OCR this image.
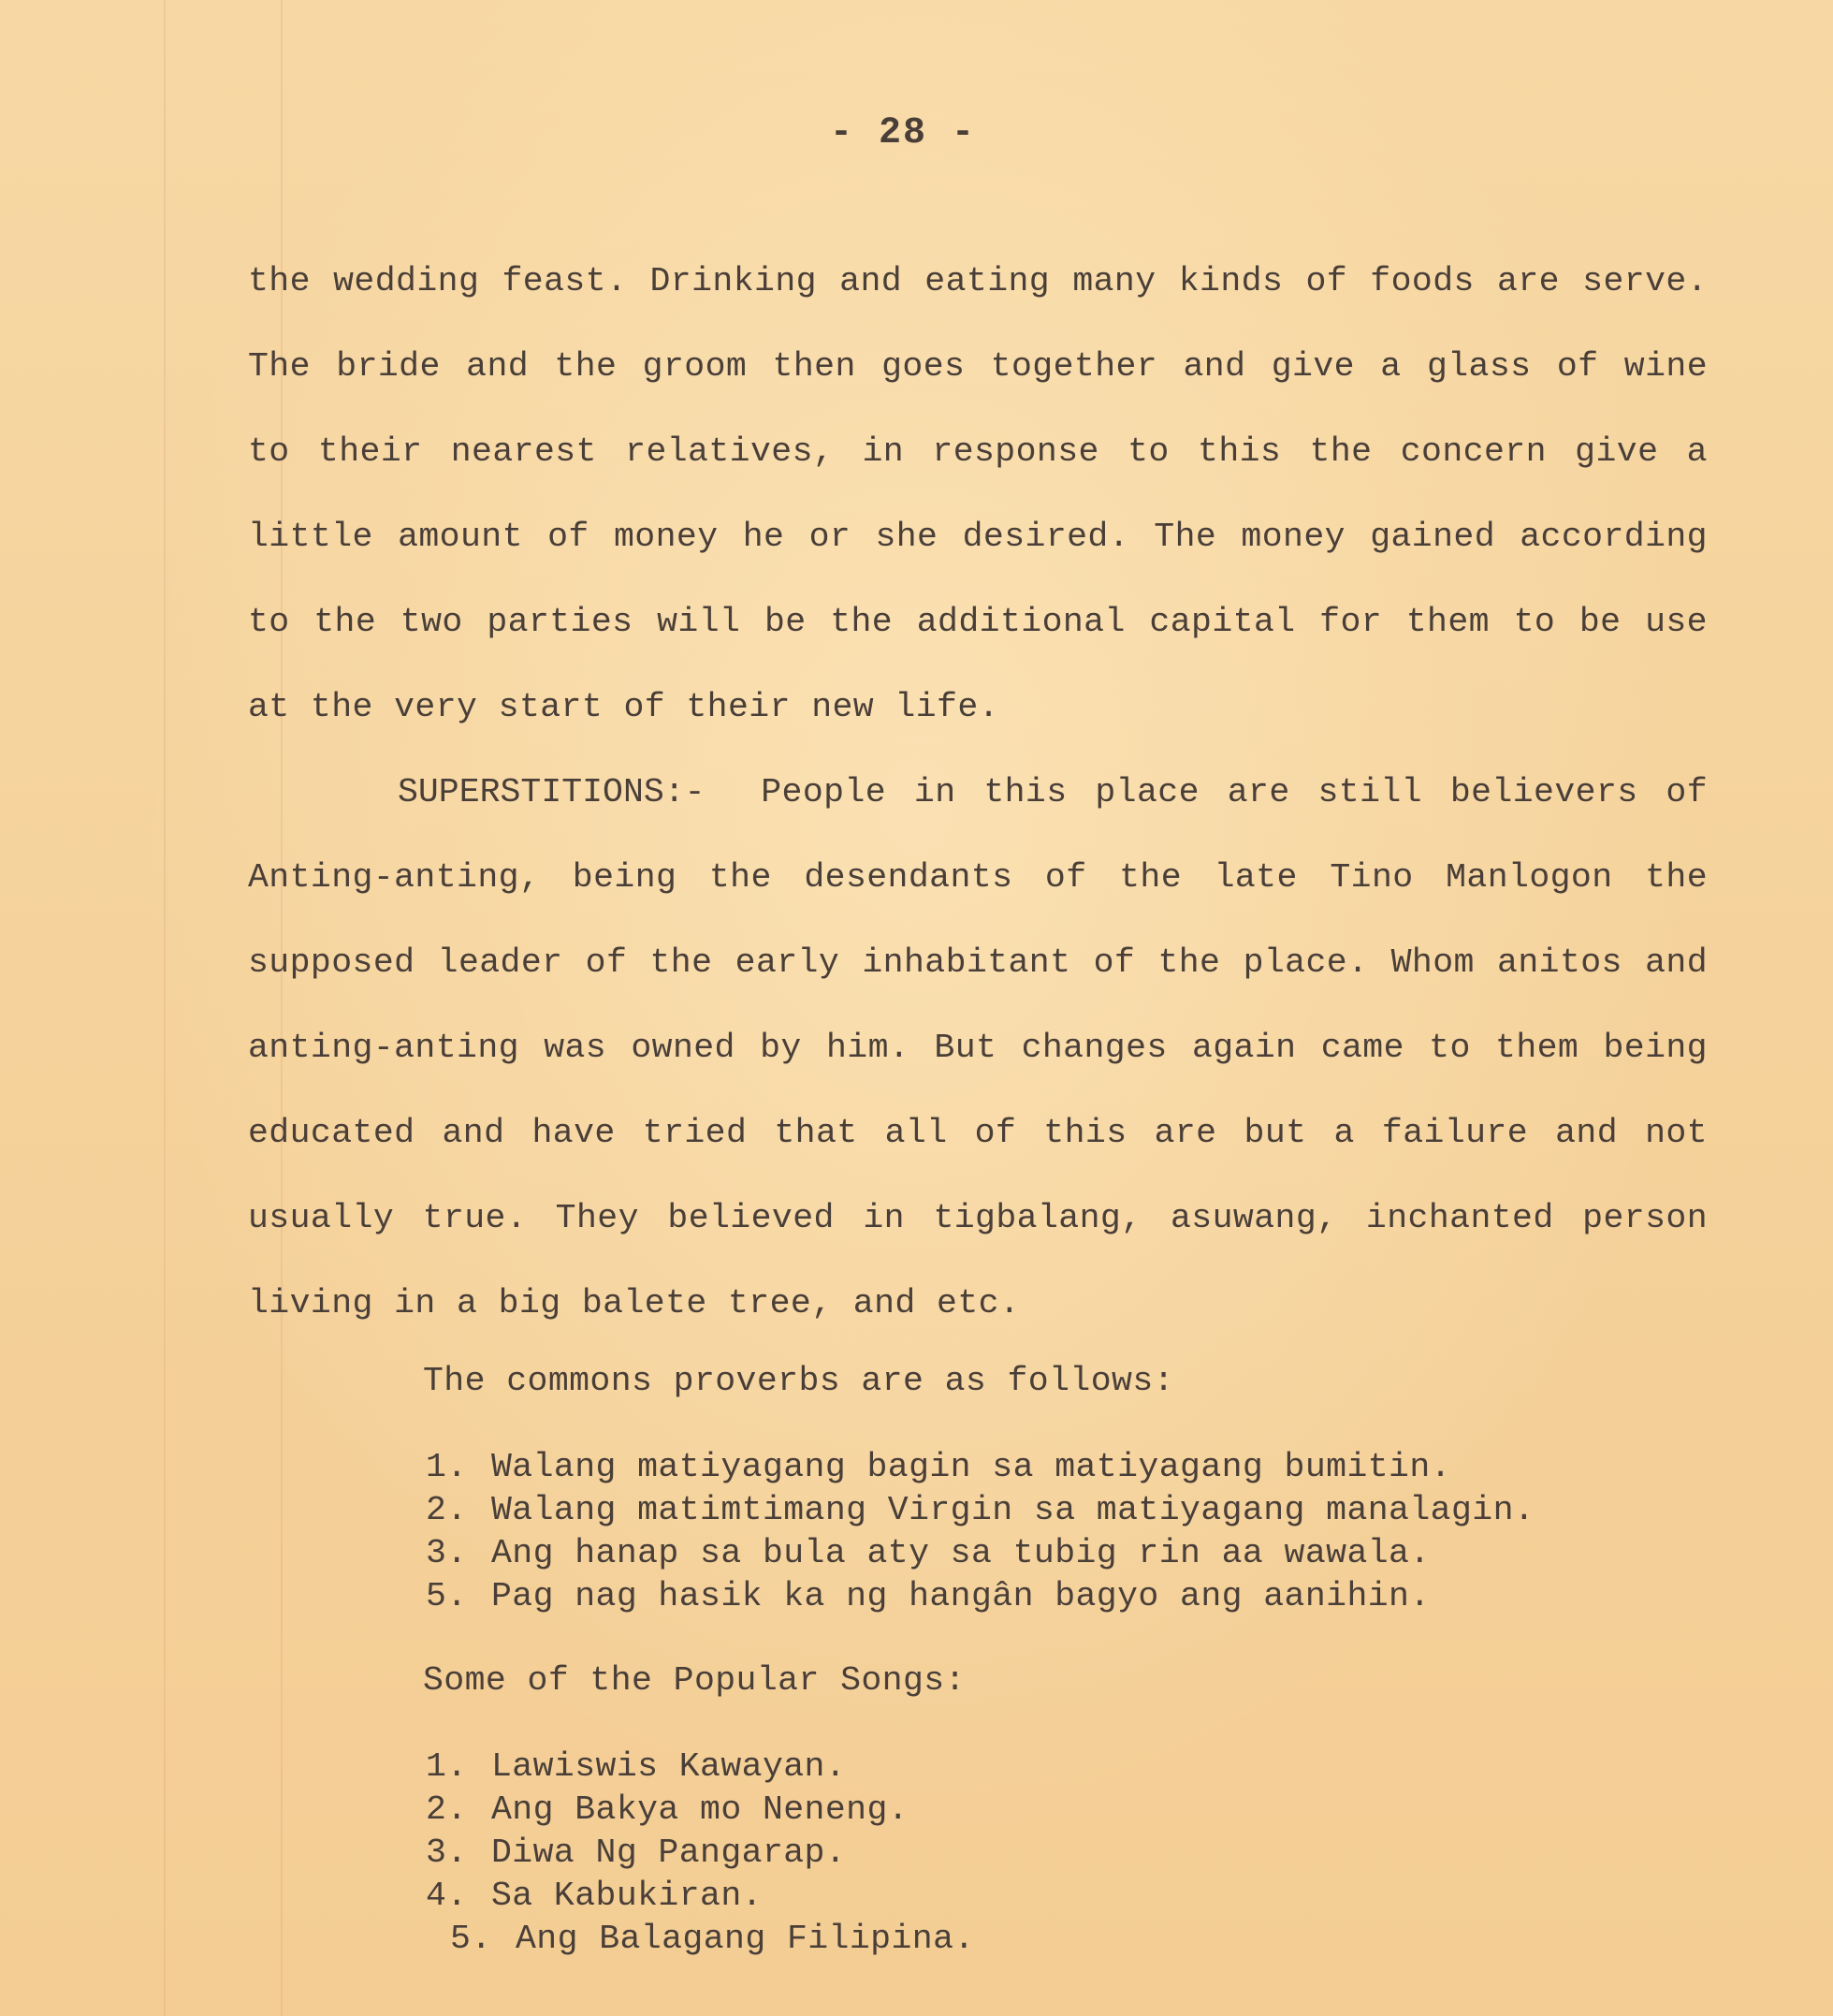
- 28 -

the wedding feast. Drinking and eating many kinds of foods are serve. The bride and the groom then goes together and give a glass of wine to their nearest relatives, in response to this the concern give a little amount of money he or she desired. The money gained according to the two parties will be the additional capital for them to be use at the very start of their new life.

SUPERSTITIONS:- People in this place are still believers of Anting-anting, being the desendants of the late Tino Manlogon the supposed leader of the early inhabitant of the place. Whom anitos and anting-anting was owned by him. But changes again came to them being educated and have tried that all of this are but a failure and not usually true. They believed in tigbalang, asuwang, inchanted person living in a big balete tree, and etc.

The commons proverbs are as follows:
1. Walang matiyagang bagin sa matiyagang bumitin.
2. Walang matimtimang Virgin sa matiyagang manalagin.
3. Ang hanap sa bula aty sa tubig rin aa wawala.
5. Pag nag hasik ka ng hangân bagyo ang aanihin.
Some of the Popular Songs:
1. Lawiswis Kawayan.
2. Ang Bakya mo Neneng.
3. Diwa Ng Pangarap.
4. Sa Kabukiran.
5. Ang Balagang Filipina.
